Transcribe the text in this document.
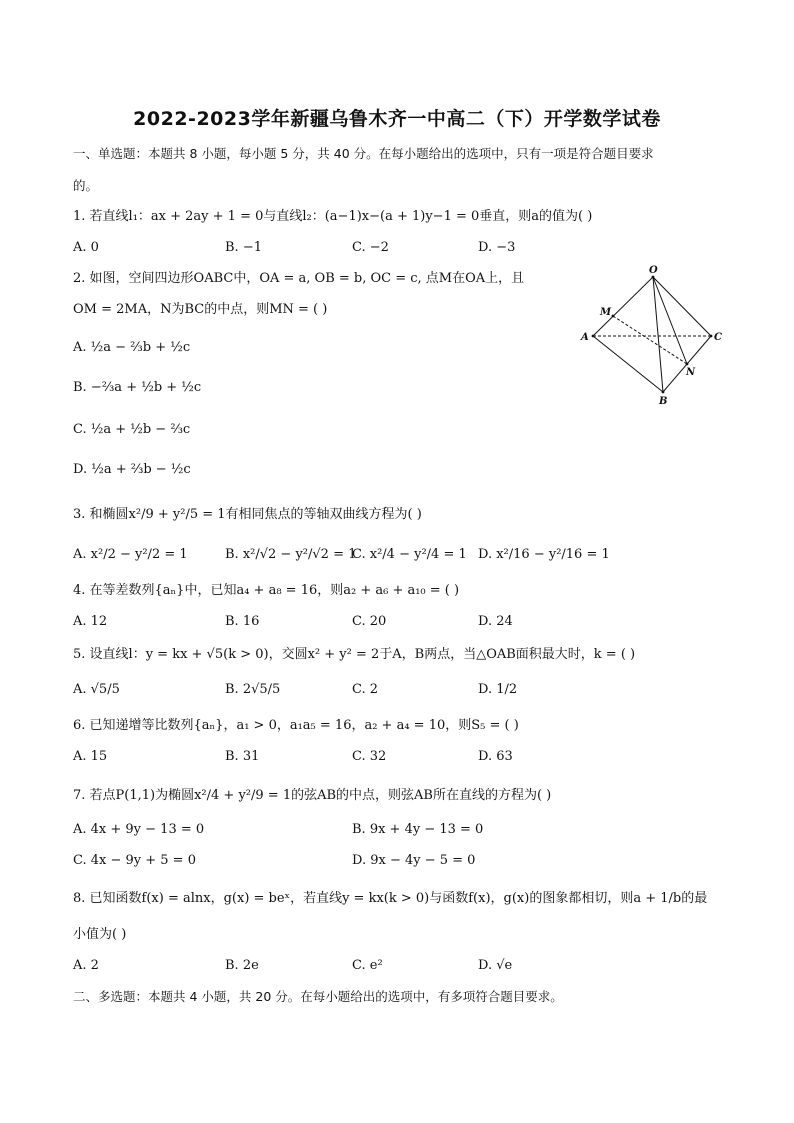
2022-2023学年新疆乌鲁木齐一中高二（下）开学数学试卷
一、单选题：本题共 8 小题，每小题 5 分，共 40 分。在每小题给出的选项中，只有一项是符合题目要求
的。
1. 若直线l₁：ax + 2ay + 1 = 0与直线l₂：(a−1)x−(a + 1)y−1 = 0垂直，则a的值为( )
A. 0	B. −1	C. −2	D. −3
2. 如图，空间四边形OABC中，OA = a, OB = b, OC = c, 点M在OA上，且
OM = 2MA，N为BC的中点，则MN = ( )
A. ½a − ⅔b + ½c
B. −⅔a + ½b + ½c
C. ½a + ½b − ⅔c
D. ½a + ⅔b − ½c
O
M
A	C
N
B
3. 和椭圆x²/9 + y²/5 = 1有相同焦点的等轴双曲线方程为( )
A. x²/2 − y²/2 = 1	B. x²/√2 − y²/√2 = 1
C. x²/4 − y²/4 = 1 D. x²/16 − y²/16 = 1
4. 在等差数列{aₙ}中，已知a₄ + a₈ = 16，则a₂ + a₆ + a₁₀ = ( )
A. 12	B. 16	C. 20	D. 24
5. 设直线l：y = kx + √5(k > 0)，交圆x² + y² = 2于A，B两点，当△OAB面积最大时，k = ( )
A. √5/5	B. 2√5/5	C. 2	D. 1/2
6. 已知递增等比数列{aₙ}，a₁ > 0，a₁a₅ = 16，a₂ + a₄ = 10，则S₅ = ( )
A. 15	B. 31	C. 32	D. 63
7. 若点P(1,1)为椭圆x²/4 + y²/9 = 1的弦AB的中点，则弦AB所在直线的方程为( )
A. 4x + 9y − 13 = 0	B. 9x + 4y − 13 = 0
C. 4x − 9y + 5 = 0	D. 9x − 4y − 5 = 0
8. 已知函数f(x) = alnx，g(x) = beˣ，若直线y = kx(k > 0)与函数f(x)，g(x)的图象都相切，则a + 1/b的最
小值为( )
A. 2	B. 2e	C. e²	D. √e
二、多选题：本题共 4 小题，共 20 分。在每小题给出的选项中，有多项符合题目要求。
